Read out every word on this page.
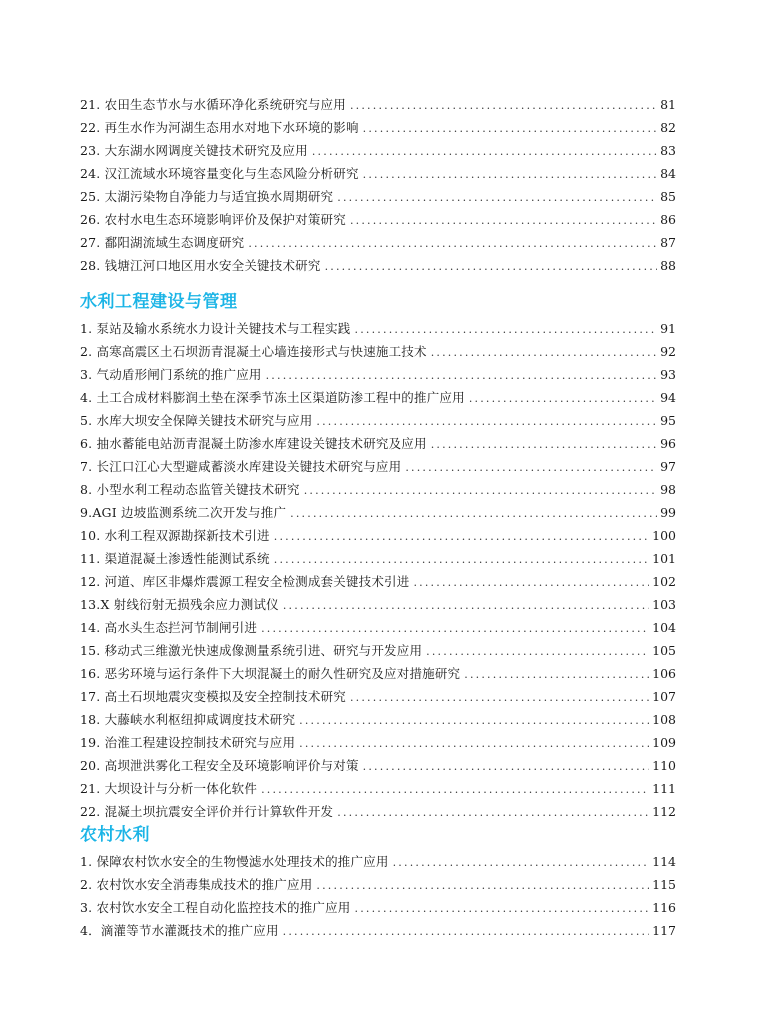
21. 农田生态节水与水循环净化系统研究与应用 .....	81
22. 再生水作为河湖生态用水对地下水环境的影响 .....	82
23. 大东湖水网调度关键技术研究及应用 .....	83
24. 汉江流域水环境容量变化与生态风险分析研究 .....	84
25. 太湖污染物自净能力与适宜换水周期研究 .....	85
26. 农村水电生态环境影响评价及保护对策研究 .....	86
27. 鄱阳湖流域生态调度研究 .....	87
28. 钱塘江河口地区用水安全关键技术研究 .....	88
水利工程建设与管理
1. 泵站及输水系统水力设计关键技术与工程实践 .....	91
2. 高寒高震区土石坝沥青混凝土心墙连接形式与快速施工技术 .....	92
3. 气动盾形闸门系统的推广应用 .....	93
4. 土工合成材料膨润土垫在深季节冻土区渠道防渗工程中的推广应用 .....	94
5. 水库大坝安全保障关键技术研究与应用 .....	95
6. 抽水蓄能电站沥青混凝土防渗水库建设关键技术研究及应用 .....	96
7. 长江口江心大型避咸蓄淡水库建设关键技术研究与应用 .....	97
8. 小型水利工程动态监管关键技术研究 .....	98
9.AGI 边坡监测系统二次开发与推广 .....	99
10. 水利工程双源勘探新技术引进 .....	100
11. 渠道混凝土渗透性能测试系统 .....	101
12. 河道、库区非爆炸震源工程安全检测成套关键技术引进 .....	102
13.X 射线衍射无损残余应力测试仪 .....	103
14. 高水头生态拦河节制闸引进 .....	104
15. 移动式三维激光快速成像测量系统引进、研究与开发应用 .....	105
16. 恶劣环境与运行条件下大坝混凝土的耐久性研究及应对措施研究 .....	106
17. 高土石坝地震灾变模拟及安全控制技术研究 .....	107
18. 大藤峡水利枢纽抑咸调度技术研究 .....	108
19. 治淮工程建设控制技术研究与应用 .....	109
20. 高坝泄洪雾化工程安全及环境影响评价与对策 .....	110
21. 大坝设计与分析一体化软件 .....	111
22. 混凝土坝抗震安全评价并行计算软件开发 .....	112
农村水利
1. 保障农村饮水安全的生物慢滤水处理技术的推广应用 .....	114
2. 农村饮水安全消毒集成技术的推广应用 .....	115
3. 农村饮水安全工程自动化监控技术的推广应用 .....	116
4．滴灌等节水灌溉技术的推广应用 .....	117
